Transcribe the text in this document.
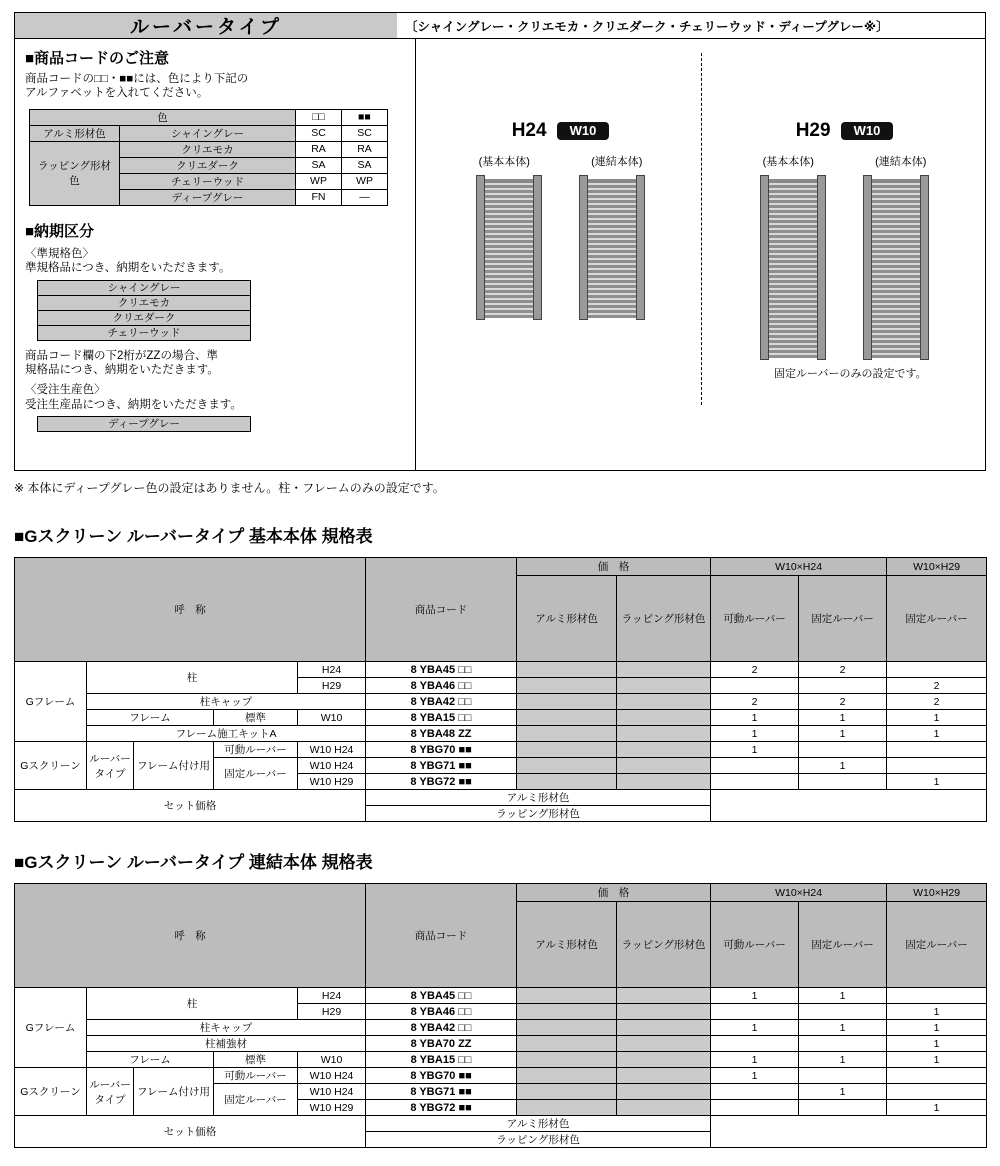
ルーバータイプ	〔シャイングレー・クリエモカ・クリエダーク・チェリーウッド・ディープグレー※〕
■商品コードのご注意
商品コードの□□・■■には、色により下記の
アルファベットを入れてください。
色		□□	■■
アルミ形材色	シャイングレー	SC	SC
ラッピング形材色	クリエモカ	RA	RA
	クリエダーク	SA	SA
	チェリーウッド	WP	WP
	ディープグレー	FN	—
■納期区分
〈準規格色〉
準規格品につき、納期をいただきます。
シャイングレー
クリエモカ
クリエダーク
チェリーウッド
商品コード欄の下2桁がZZの場合、準
規格品につき、納期をいただきます。
〈受注生産色〉
受注生産品につき、納期をいただきます。
ディープグレー
H24	W10
(基本本体)	(連結本体)
H29	W10
(基本本体)	(連結本体)
固定ルーバーのみの設定です。
※ 本体にディープグレー色の設定はありません。柱・フレームのみの設定です。
■Gスクリーン ルーバータイプ 基本本体 規格表
呼　称					商品コード	価　格		W10×H24		W10×H29
						アルミ形材色	ラッピング形材色	可動ルーバー	固定ルーバー	固定ルーバー
Gフレーム	柱			H24	8 YBA45 □□			2	2	
				H29	8 YBA46 □□					2
	柱キャップ				8 YBA42 □□			2	2	2
	フレーム		標準	W10	8 YBA15 □□			1	1	1
	フレーム施工キットA				8 YBA48 ZZ			1	1	1
Gスクリーン	ルーバータイプ	フレーム付け用	可動ルーバー	W10 H24	8 YBG70 ■■			1		
			固定ルーバー	W10 H24	8 YBG71 ■■				1	
				W10 H29	8 YBG72 ■■					1
セット価格					アルミ形材色					
					ラッピング形材色					
■Gスクリーン ルーバータイプ 連結本体 規格表
呼　称					商品コード	価　格		W10×H24		W10×H29
						アルミ形材色	ラッピング形材色	可動ルーバー	固定ルーバー	固定ルーバー
Gフレーム	柱			H24	8 YBA45 □□			1	1	
				H29	8 YBA46 □□					1
	柱キャップ				8 YBA42 □□			1	1	1
	柱補強材				8 YBA70 ZZ					1
	フレーム		標準	W10	8 YBA15 □□			1	1	1
Gスクリーン	ルーバータイプ	フレーム付け用	可動ルーバー	W10 H24	8 YBG70 ■■			1		
			固定ルーバー	W10 H24	8 YBG71 ■■				1	
				W10 H29	8 YBG72 ■■					1
セット価格					アルミ形材色					
					ラッピング形材色					
